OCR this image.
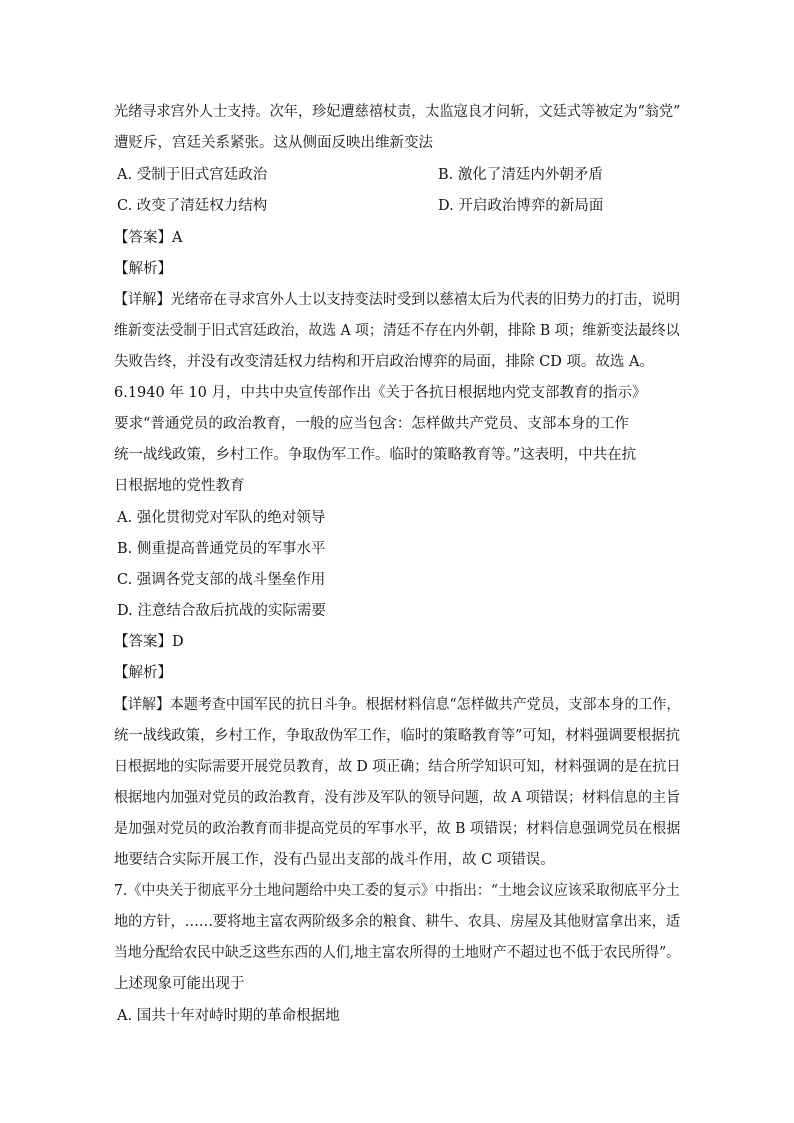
光绪寻求宫外人士支持。次年，珍妃遭慈禧杖责，太监寇良才问斩，文廷式等被定为“翁党”
遭贬斥，宫廷关系紧张。这从侧面反映出维新变法
A. 受制于旧式宫廷政治	B. 激化了清廷内外朝矛盾
C. 改变了清廷权力结构	D. 开启政治博弈的新局面
【答案】A
【解析】
【详解】光绪帝在寻求宫外人士以支持变法时受到以慈禧太后为代表的旧势力的打击，说明
维新变法受制于旧式宫廷政治，故选 A 项；清廷不存在内外朝，排除 B 项；维新变法最终以
失败告终，并没有改变清廷权力结构和开启政治博弈的局面，排除 CD 项。故选 A。
6.1940 年 10 月，中共中央宣传部作出《关于各抗日根据地内党支部教育的指示》
要求“普通党员的政治教育，一般的应当包含：怎样做共产党员、支部本身的工作
统一战线政策，乡村工作。争取伪军工作。临时的策略教育等。”这表明，中共在抗
日根据地的党性教育
A. 强化贯彻党对军队的绝对领导
B. 侧重提高普通党员的军事水平
C. 强调各党支部的战斗堡垒作用
D. 注意结合敌后抗战的实际需要
【答案】D
【解析】
【详解】本题考查中国军民的抗日斗争。根据材料信息“怎样做共产党员，支部本身的工作，
统一战线政策，乡村工作，争取敌伪军工作，临时的策略教育等”可知，材料强调要根据抗
日根据地的实际需要开展党员教育，故 D 项正确；结合所学知识可知，材料强调的是在抗日
根据地内加强对党员的政治教育，没有涉及军队的领导问题，故 A 项错误；材料信息的主旨
是加强对党员的政治教育而非提高党员的军事水平，故 B 项错误；材料信息强调党员在根据
地要结合实际开展工作，没有凸显出支部的战斗作用，故 C 项错误。
7.《中央关于彻底平分土地问题给中央工委的复示》中指出：“土地会议应该采取彻底平分土
地的方针，……要将地主富农两阶级多余的粮食、耕牛、农具、房屋及其他财富拿出来，适
当地分配给农民中缺乏这些东西的人们,地主富农所得的土地财产不超过也不低于农民所得”。
上述现象可能出现于
A. 国共十年对峙时期的革命根据地
